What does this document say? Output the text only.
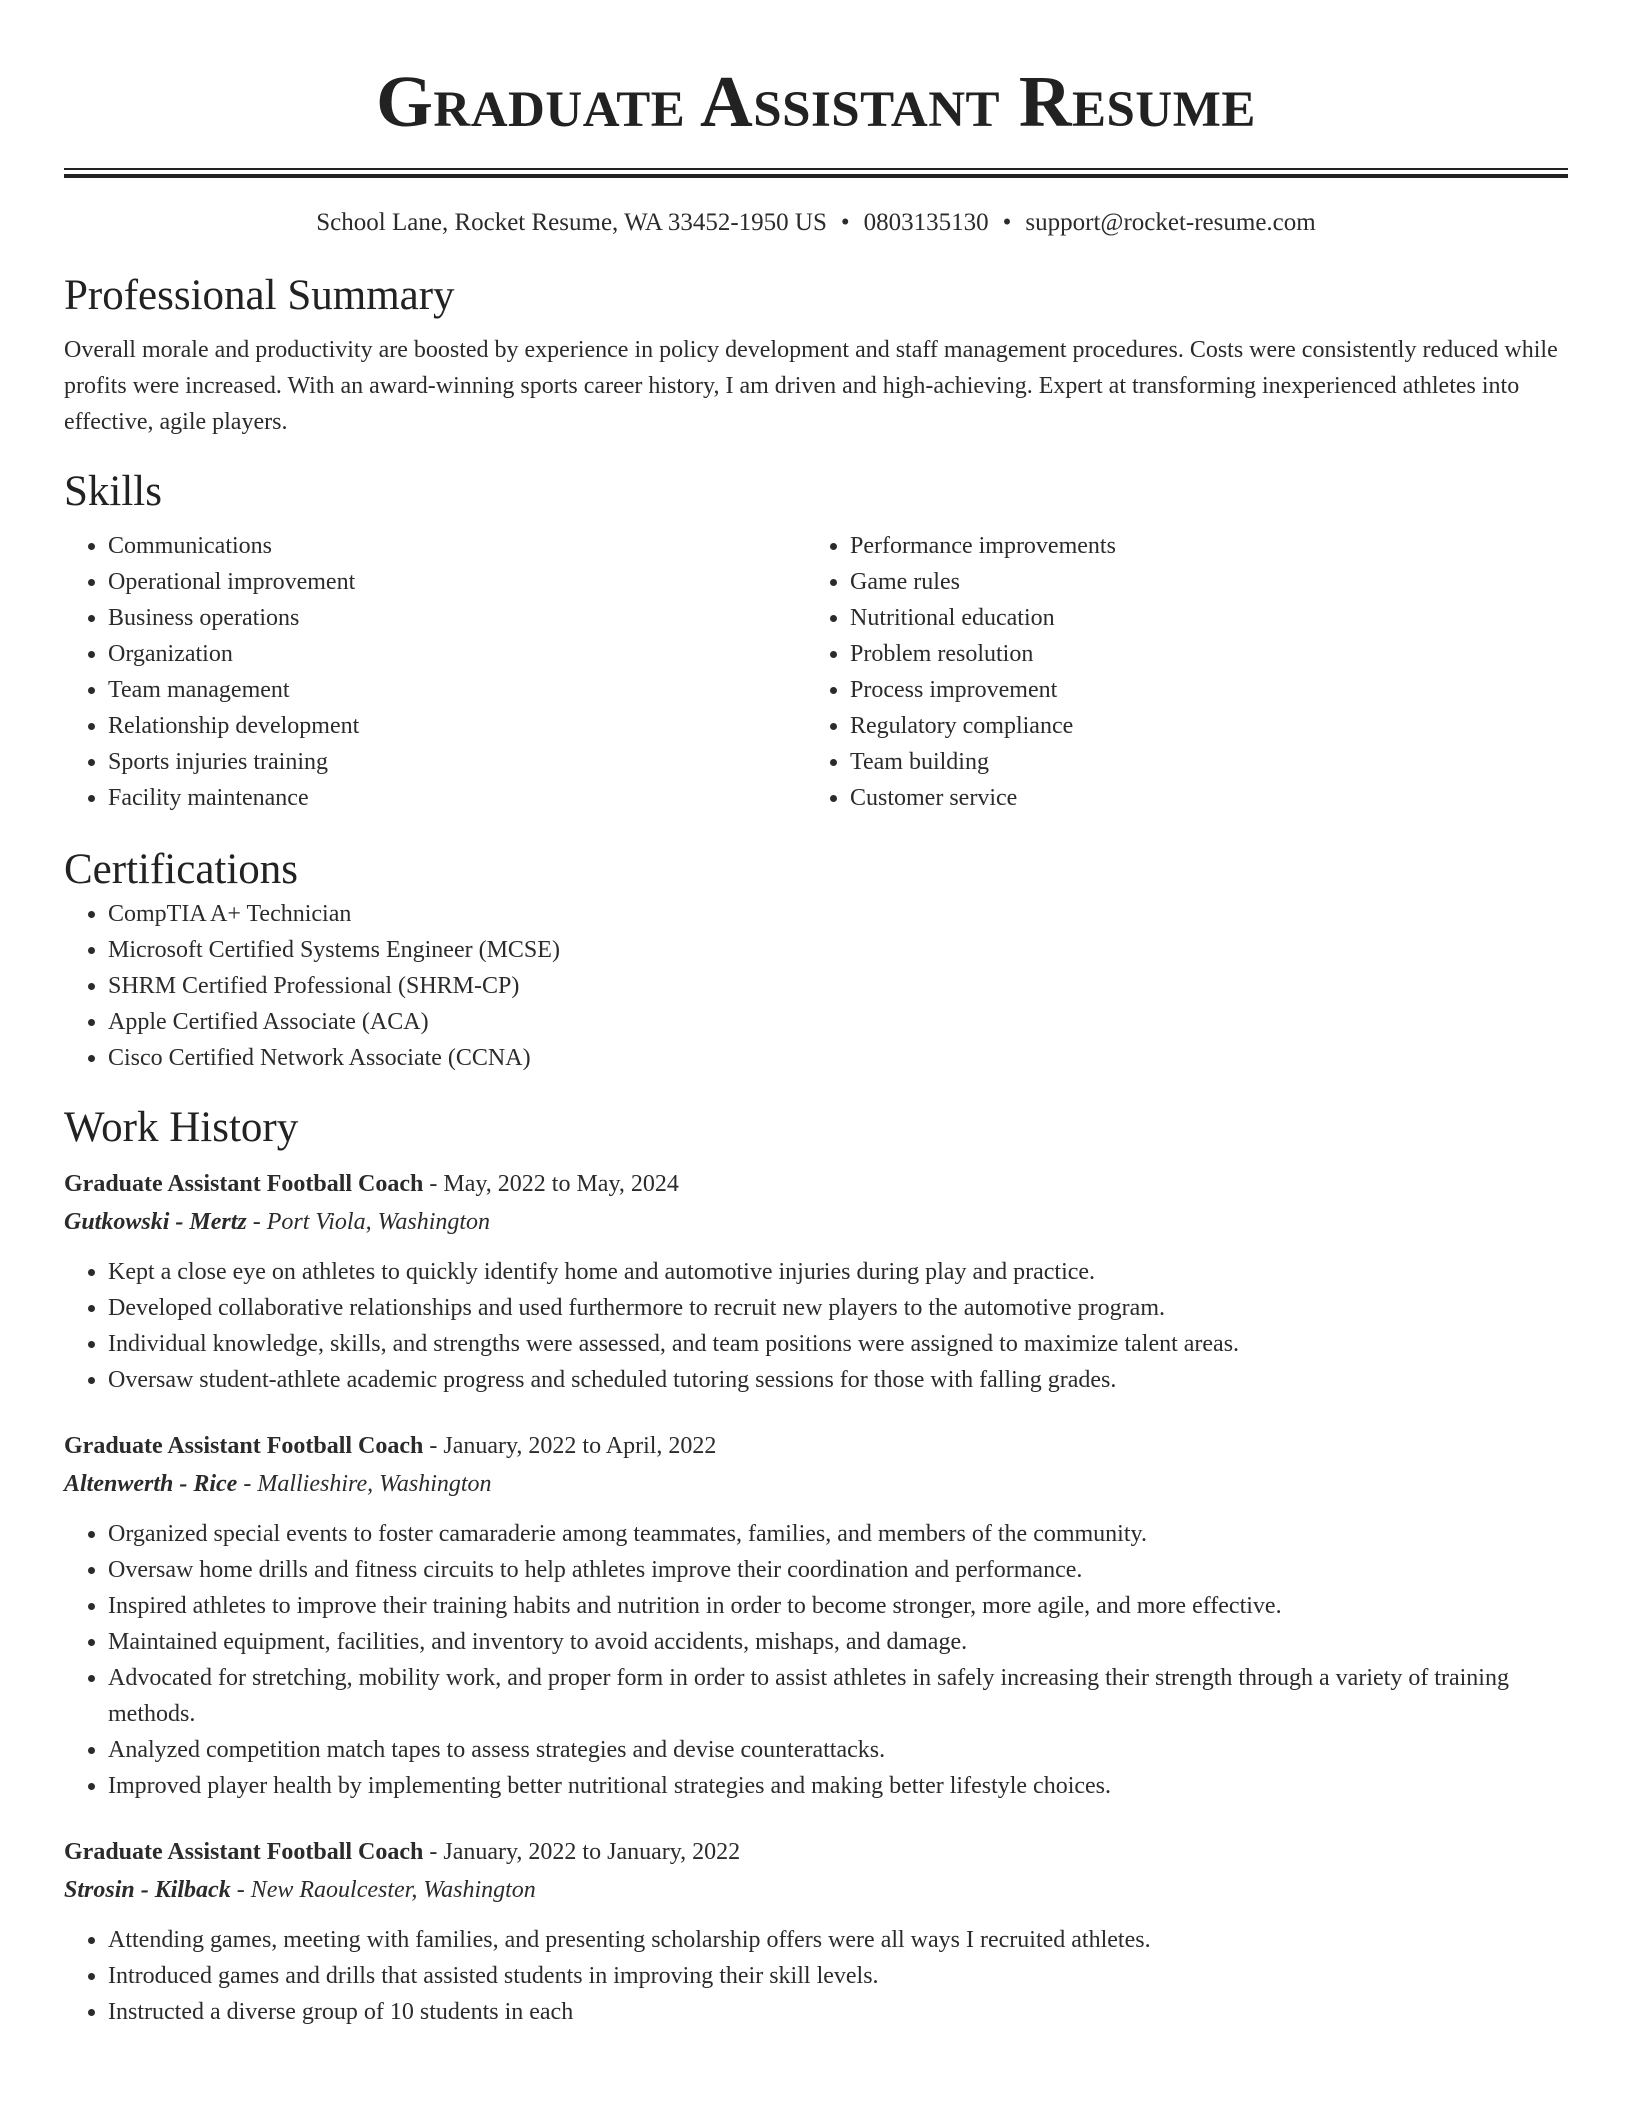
Graduate Assistant Resume
School Lane, Rocket Resume, WA 33452-1950 US • 0803135130 • support@rocket-resume.com
Professional Summary

Overall morale and productivity are boosted by experience in policy development and staff management procedures. Costs were consistently reduced while profits were increased. With an award-winning sports career history, I am driven and high-achieving. Expert at transforming inexperienced athletes into effective, agile players.

Skills
• Communications
• Operational improvement
• Business operations
• Organization
• Team management
• Relationship development
• Sports injuries training
• Facility maintenance
• Performance improvements
• Game rules
• Nutritional education
• Problem resolution
• Process improvement
• Regulatory compliance
• Team building
• Customer service
Certifications
• CompTIA A+ Technician
• Microsoft Certified Systems Engineer (MCSE)
• SHRM Certified Professional (SHRM-CP)
• Apple Certified Associate (ACA)
• Cisco Certified Network Associate (CCNA)
Work History
Graduate Assistant Football Coach - May, 2022 to May, 2024
Gutkowski - Mertz - Port Viola, Washington
• Kept a close eye on athletes to quickly identify home and automotive injuries during play and practice.
• Developed collaborative relationships and used furthermore to recruit new players to the automotive program.
• Individual knowledge, skills, and strengths were assessed, and team positions were assigned to maximize talent areas.
• Oversaw student-athlete academic progress and scheduled tutoring sessions for those with falling grades.
Graduate Assistant Football Coach - January, 2022 to April, 2022
Altenwerth - Rice - Mallieshire, Washington
• Organized special events to foster camaraderie among teammates, families, and members of the community.
• Oversaw home drills and fitness circuits to help athletes improve their coordination and performance.
• Inspired athletes to improve their training habits and nutrition in order to become stronger, more agile, and more effective.
• Maintained equipment, facilities, and inventory to avoid accidents, mishaps, and damage.
• Advocated for stretching, mobility work, and proper form in order to assist athletes in safely increasing their strength through a variety of training methods.
• Analyzed competition match tapes to assess strategies and devise counterattacks.
• Improved player health by implementing better nutritional strategies and making better lifestyle choices.
Graduate Assistant Football Coach - January, 2022 to January, 2022
Strosin - Kilback - New Raoulcester, Washington
• Attending games, meeting with families, and presenting scholarship offers were all ways I recruited athletes.
• Introduced games and drills that assisted students in improving their skill levels.
• Instructed a diverse group of 10 students in each
